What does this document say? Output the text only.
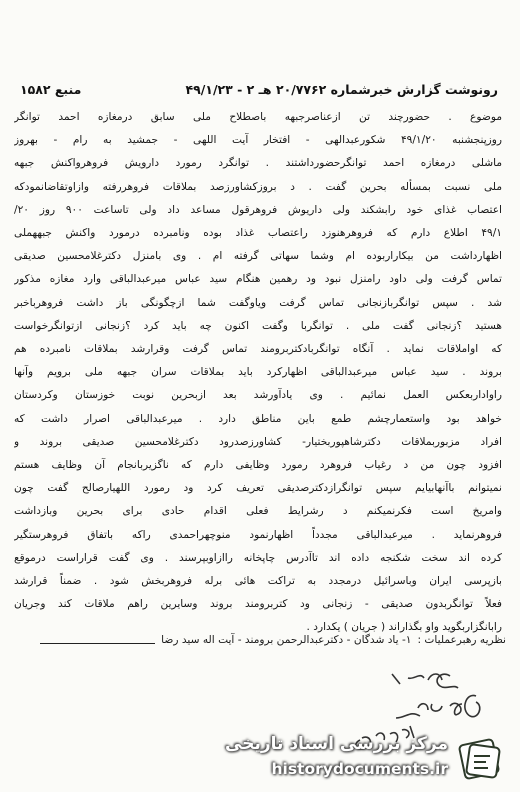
رونوشت گزارش خبرشماره ۲۰/۷۷۶۲ هـ ۲ - ۴۹/۱/۲۳
منبع ۱۵۸۲
موضوع . حضورچند تن ازعناصرجبهه باصطلاح ملی سابق درمغازه احمد توانگر
روزپنجشنبه ۴۹/۱/۲۰ شکورعبدالهی - افتخار آیت اللهی - جمشید به رام - بهروز
ماشلی درمغازه احمد توانگرحضورداشتند . توانگرد رمورد دارویش فروهرواکنش جبهه
ملی نسبت بمسأله بحرین گفت . د بروزکشاورزصد بملاقات فروهررفته وازاوتقاضانمودکه
اعتصاب غذای خود رابشکند ولی داریوش فروهرقول مساعد داد ولی تاساعت ۹۰۰ روز ۲۰/
۴۹/۱ اطلاع دارم که فروهرهنوزد راعتصاب غذاد بوده ونامبرده درمورد واکنش جبههملی
اظهارداشت من بیکاراربوده ام وشما سهاتی گرفته ام . وی بامنزل دکترغلامحسین صدیقی
تماس گرفت ولی داود رامنزل نبود ود رهمین هنگام سید عباس میرعبدالباقی وارد مغازه مذکور
شد . سپس توانگربازنجانی تماس گرفت ویاوگفت شما ازچگونگی باز داشت فروهرباخبر
هستید ؟زنجانی گفت ملی . توانگربا وگفت اکنون چه باید کرد ؟زنجانی ازتوانگرخواست
که اواملاقات نماید . آنگاه توانگربادکتربرومند تماس گرفت وقرارشد بملاقات نامبرده هم
بروند . سید عباس میرعبدالباقی اظهارکرد باید بملاقات سران جبهه ملی برویم وآنها
راواداربعکس العمل نمائیم . وی یادآورشد بعد ازبحرین نوبت خوزستان وکردستان
خواهد بود واستعمارچشم طمع باین مناطق دارد . میرعبدالباقی اصرار داشت که
افراد مزبوربملاقات دکترشاهپوربختیار- کشاورزصدرود دکترغلامحسین صدیقی بروند و
افزود چون من د رغیاب فروهرد رمورد وظایفی دارم که ناگزیربانجام آن وظایف هستم
نمیتوانم باآنهابیایم سپس توانگرازدکترصدیقی تعریف کرد ود رمورد اللهیارصالح گفت چون
وامریخ است فکرنمیکنم د رشرایط فعلی اقدام حادی برای بحرین وبازداشت
فروهرنماید . میرعبدالباقی مجدداً اظهارنمود منوچهراحمدی راکه باتفاق فروهرستگیر
کرده اند سخت شکنجه داده اند تاآدرس چاپخانه راازاوبپرسند . وی گفت قراراست درموقع
بازپرسی ایران وباسرائیل درمجدد به تراکت هائی برله فروهربخش شود . ضمناً قرارشد
فعلاً توانگربدون صدیقی - زنجانی ود کتربرومند بروند وسایرین راهم ملاقات کند وجریان
رابانگزاربگوید واو بگذاراند ( جریان ) یکدارد .
نظریه رهبرعملیات :
۱- یاد شدگان - دکترعبدالرحمن برومند - آیت اله سید رضا
مرکز بررسی اسناد تاریخی
historydocuments.ir
